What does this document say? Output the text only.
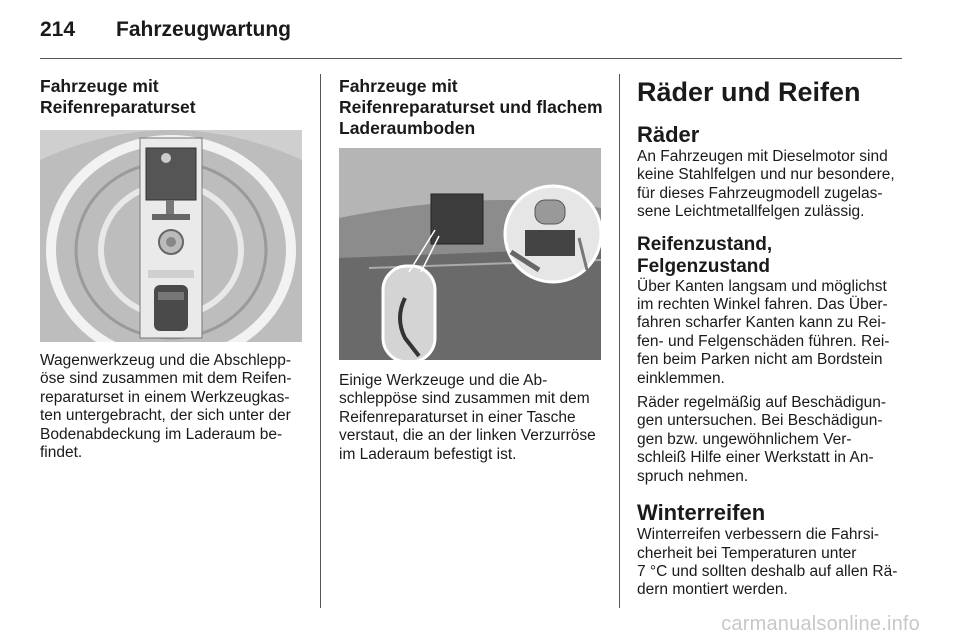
214 Fahrzeugwartung
Fahrzeuge mit
Reifenreparaturset
Wagenwerkzeug und die Abschlepp-
öse sind zusammen mit dem Reifen-
reparaturset in einem Werkzeugkas-
ten untergebracht, der sich unter der
Bodenabdeckung im Laderaum be-
findet.
Fahrzeuge mit
Reifenreparaturset und flachem
Laderaumboden
Einige Werkzeuge und die Ab-
schleppöse sind zusammen mit dem
Reifenreparaturset in einer Tasche
verstaut, die an der linken Verzurröse
im Laderaum befestigt ist.
Räder und Reifen
Räder
An Fahrzeugen mit Dieselmotor sind
keine Stahlfelgen und nur besondere,
für dieses Fahrzeugmodell zugelas-
sene Leichtmetallfelgen zulässig.
Reifenzustand, Felgenzustand
Über Kanten langsam und möglichst
im rechten Winkel fahren. Das Über-
fahren scharfer Kanten kann zu Rei-
fen- und Felgenschäden führen. Rei-
fen beim Parken nicht am Bordstein
einklemmen.
Räder regelmäßig auf Beschädigun-
gen untersuchen. Bei Beschädigun-
gen bzw. ungewöhnlichem Ver-
schleiß Hilfe einer Werkstatt in An-
spruch nehmen.
Winterreifen
Winterreifen verbessern die Fahrsi-
cherheit bei Temperaturen unter
7 °C und sollten deshalb auf allen Rä-
dern montiert werden.
carmanualsonline.info
